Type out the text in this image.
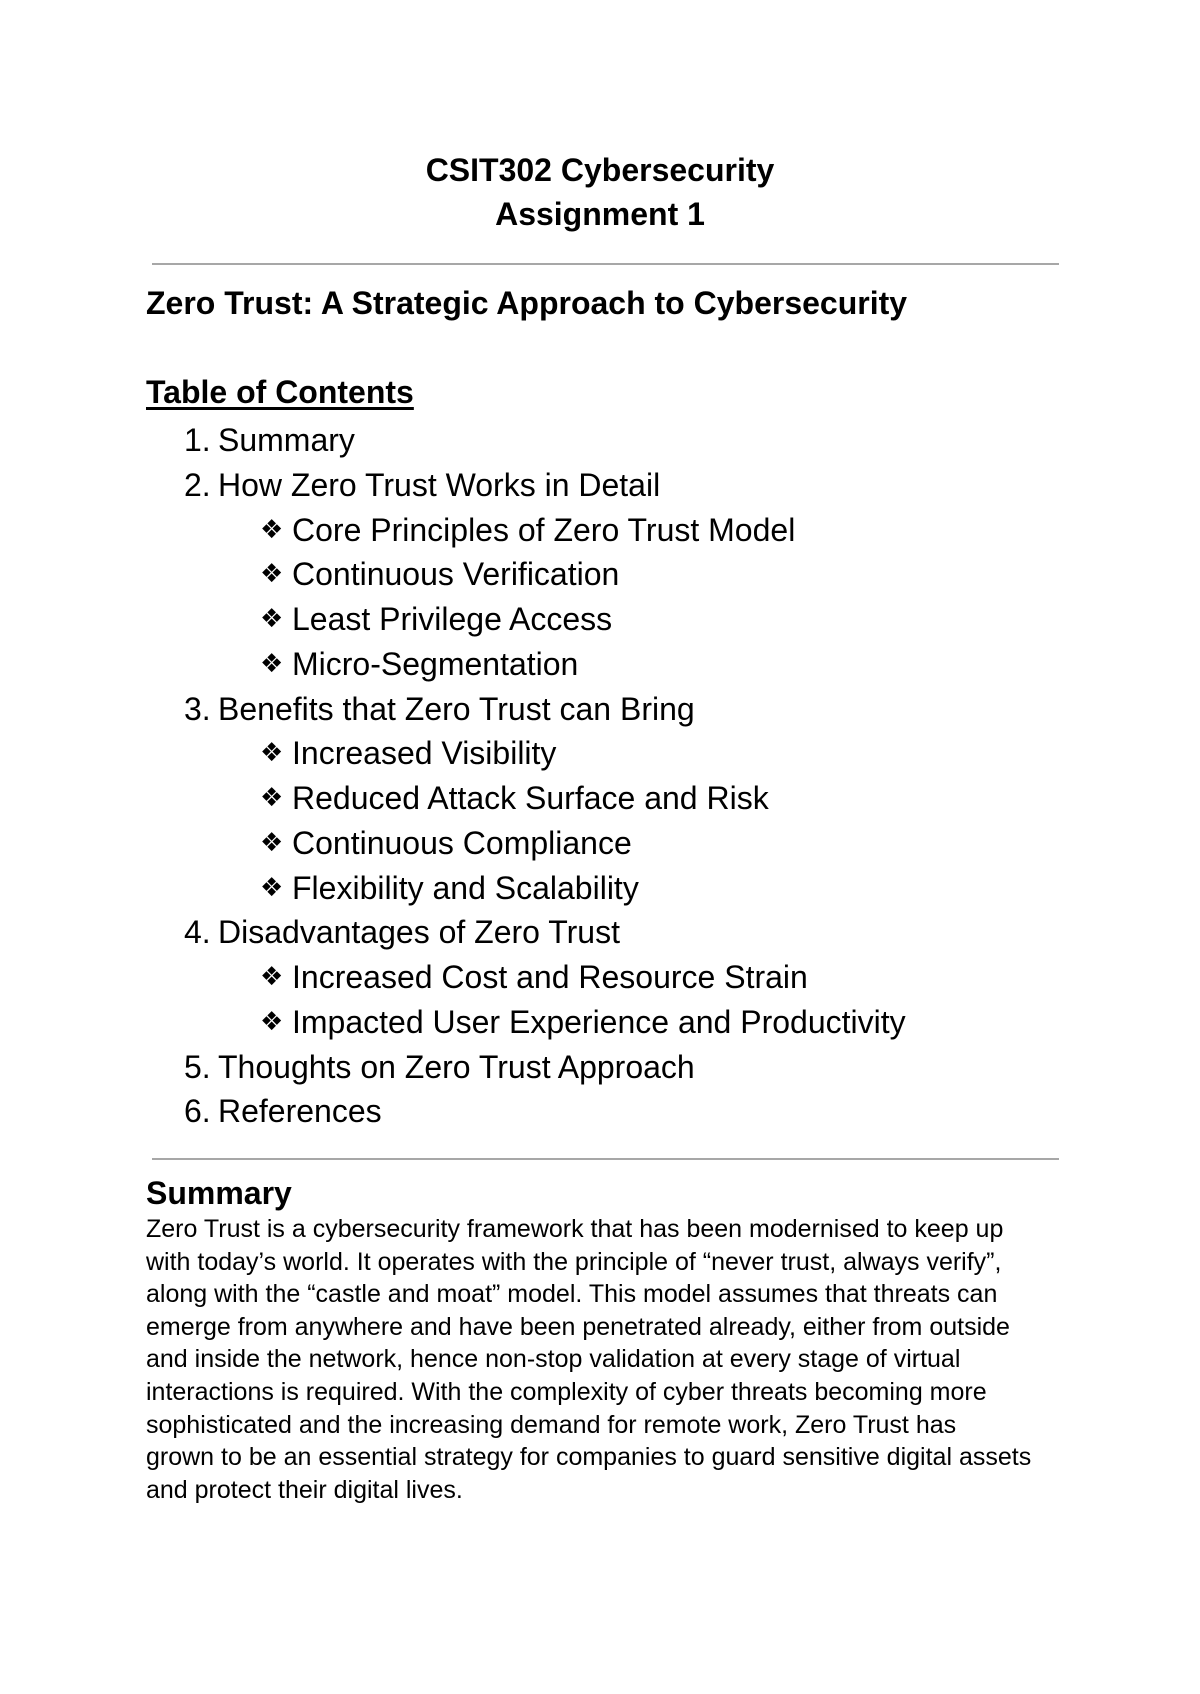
CSIT302 Cybersecurity
Assignment 1
Zero Trust: A Strategic Approach to Cybersecurity
Table of Contents
1. Summary
2. How Zero Trust Works in Detail
❖ Core Principles of Zero Trust Model
❖ Continuous Verification
❖ Least Privilege Access
❖ Micro-Segmentation
3. Benefits that Zero Trust can Bring
❖ Increased Visibility
❖ Reduced Attack Surface and Risk
❖ Continuous Compliance
❖ Flexibility and Scalability
4. Disadvantages of Zero Trust
❖ Increased Cost and Resource Strain
❖ Impacted User Experience and Productivity
5. Thoughts on Zero Trust Approach
6. References
Summary
Zero Trust is a cybersecurity framework that has been modernised to keep up
with today’s world. It operates with the principle of “never trust, always verify”,
along with the “castle and moat” model. This model assumes that threats can
emerge from anywhere and have been penetrated already, either from outside
and inside the network, hence non-stop validation at every stage of virtual
interactions is required. With the complexity of cyber threats becoming more
sophisticated and the increasing demand for remote work, Zero Trust has
grown to be an essential strategy for companies to guard sensitive digital assets
and protect their digital lives.
